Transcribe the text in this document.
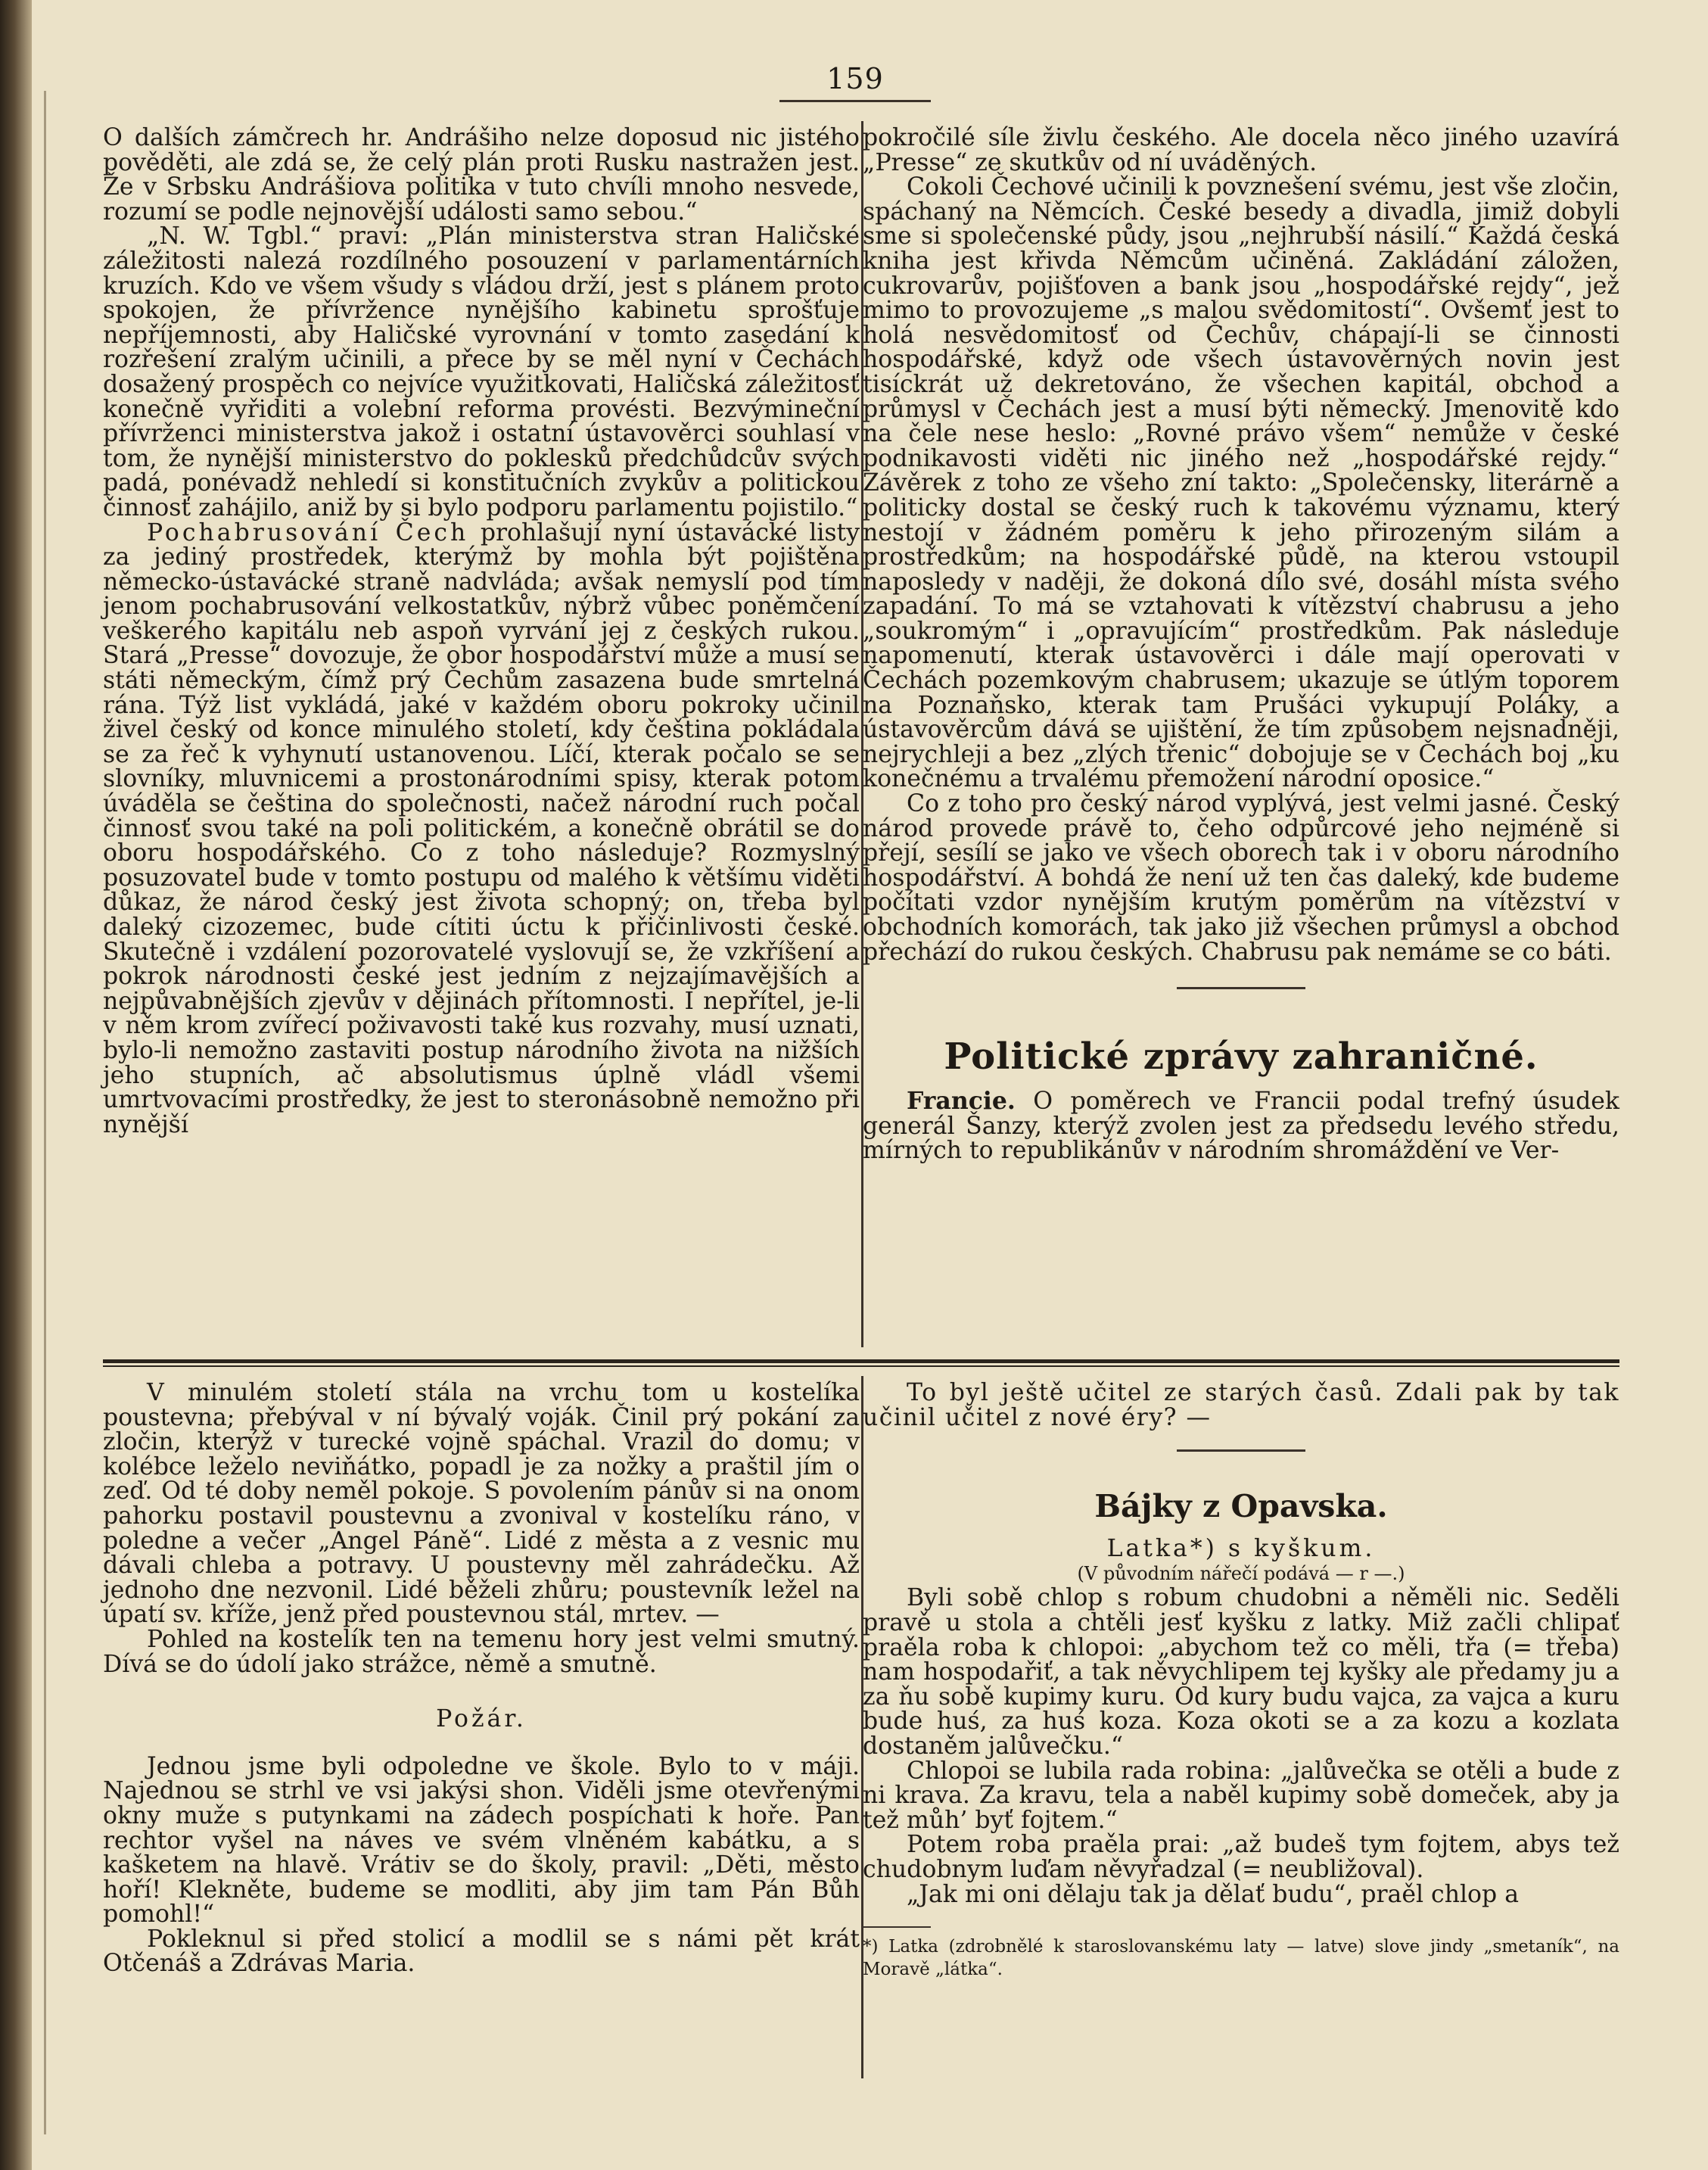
159

O dalších zámčrech hr. Andrášiho nelze doposud nic jistého pověděti, ale zdá se, že celý plán proti Rusku nastražen jest. Že v Srbsku Andrášiova politika v tuto chvíli mnoho nesvede, rozumí se podle nejnovější události samo sebou.“

„N. W. Tgbl.“ praví: „Plán ministerstva stran Haličské záležitosti nalezá rozdílného posouzení v parlamentárních kruzích. Kdo ve všem všudy s vládou drží, jest s plánem proto spokojen, že přívržence nynějšího kabinetu sprošťuje nepříjemnosti, aby Haličské vyrovnání v tomto zasedání k rozřešení zralým učinili, a přece by se měl nyní v Čechách dosažený prospěch co nejvíce využitkovati, Haličská záležitosť konečně vyřiditi a volební reforma provésti. Bezvýminеční přívrženci ministerstva jakož i ostatní ústavověrci souhlasí v tom, že nynější ministerstvo do poklesků předchůdcův svých padá, ponévadž nehledí si konstitučních zvykův a politickou činnosť zahájilo, aniž by si bylo podporu parlamentu pojistilo.“

Pochabrusování Čech prohlašují nyní ústavácké listy za jediný prostředek, kterýmž by mohla být pojištěna německo-ústavácké straně nadvláda; avšak nemyslí pod tím jenom pochabrusování velkostatkův, nýbrž vůbec poněmčení veškerého kapitálu neb aspoň vyrvání jej z českých rukou. Stará „Presse“ dovozuje, že obor hospodářství může a musí se státi německým, čímž prý Čechům zasazena bude smrtelná rána. Týž list vykládá, jaké v každém oboru pokroky učinil živel český od konce minulého století, kdy čeština pokládala se za řeč k vyhynutí ustanovenou. Líčí, kterak počalo se se slovníky, mluvnicemi a prostonárodními spisy, kterak potom úváděla se čeština do společnosti, načež národní ruch počal činnosť svou také na poli politickém, a konečně obrátil se do oboru hospodářského. Co z toho následuje? Rozmyslný posuzovatel bude v tomto postupu od malého k většímu viděti důkaz, že národ český jest života schopný; on, třeba byl daleký cizozemec, bude cítiti úctu k přičinlivosti české. Skutečně i vzdálení pozorovatelé vyslovují se, že vzkříšení a pokrok národnosti české jest jedním z nejzajímavějších a nejpůvabnějších zjevův v dějinách přítomnosti. I nepřítel, je-li v něm krom zvířecí poživavosti také kus rozvahy, musí uznati, bylo-li nemožno zastaviti postup národního života na nižších jeho stupních, ač absolutismus úplně vládl všemi umrtvovacími prostředky, že jest to steronásobně nemožno při nynější

pokročilé síle živlu českého. Ale docela něco jiného uzavírá „Presse“ ze skutkův od ní uváděných.

Cokoli Čechové učinili k povznešení svému, jest vše zločin, spáchaný na Němcích. České besedy a divadla, jimiž dobyli sme si společenské půdy, jsou „nejhrubší násilí.“ Každá česká kniha jest křivda Němcům učiněná. Zakládání záložen, cukrovarův, pojišťoven a bank jsou „hospodářské rejdy“, jež mimo to provozujeme „s malou svědomitostí“. Ovšemť jest to holá nesvědomitosť od Čechův, chápají-li se činnosti hospodářské, když ode všech ústavověrných novin jest tisíckrát už dekretováno, že všechen kapitál, obchod a průmysl v Čechách jest a musí býti německý. Jmenovitě kdo na čele nese heslo: „Rovné právo všem“ nemůže v české podnikavosti viděti nic jiného než „hospodářské rejdy.“ Závěrek z toho ze všeho zní takto: „Společensky, literárně a politicky dostal se český ruch k takovému významu, který nestojí v žádném poměru k jeho přirozeným silám a prostředkům; na hospodářské půdě, na kterou vstoupil naposledy v naději, že dokoná dílo své, dosáhl místa svého zapadání. To má se vztahovati k vítězství chabrusu a jeho „soukromým“ i „opravujícím“ prostředkům. Pak následuje napomenutí, kterak ústavověrci i dále mají operovati v Čechách pozemkovým chabrusem; ukazuje se útlým toporem na Poznaňsko, kterak tam Prušáci vykupují Poláky, a ústavověrcům dává se ujištění, že tím způsobem nejsnadněji, nejrychleji a bez „zlých třenic“ dobojuje se v Čechách boj „ku konečnému a trvalému přemožení národní oposice.“

Co z toho pro český národ vyplývá, jest velmi jasné. Český národ provede právě to, čeho odpůrcové jeho nejméně si přejí, sesílí se jako ve všech oborech tak i v oboru národního hospodářství. A bohdá že není už ten čas daleký, kde budeme počítati vzdor nynějším krutým poměrům na vítězství v obchodních komorách, tak jako již všechen průmysl a obchod přechází do rukou českých. Chabrusu pak nemáme se co báti.

Politické zprávy zahraničné.

Francie. O poměrech ve Francii podal trefný úsudek generál Šanzy, kterýž zvolen jest za předsedu levého středu, mírných to republikánův v národním shromáždění ve Ver-

V minulém století stála na vrchu tom u kostelíka poustevna; přebýval v ní bývalý voják. Činil prý pokání za zločin, kterýž v turecké vojně spáchal. Vrazil do domu; v kolébce leželo neviňátko, popadl je za nožky a praštil jím o zeď. Od té doby neměl pokoje. S povolením pánův si na onom pahorku postavil poustevnu a zvonival v kostelíku ráno, v poledne a večer „Angel Páně“. Lidé z města a z vesnic mu dávali chleba a potravy. U poustevny měl zahrádečku. Až jednoho dne nezvonil. Lidé běželi zhůru; poustevník ležel na úpatí sv. kříže, jenž před poustevnou stál, mrtev. —

Pohled na kostelík ten na temenu hory jest velmi smutný. Dívá se do údolí jako strážce, němě a smutně.

Požár.

Jednou jsme byli odpoledne ve škole. Bylo to v máji. Najednou se strhl ve vsi jakýsi shon. Viděli jsme otevřenými okny muže s putynkami na zádech pospíchati k hoře. Pan rechtor vyšel na náves ve svém vlněném kabátku, a s kašketem na hlavě. Vrátiv se do školy, pravil: „Děti, město hoří! Klekněte, budeme se modliti, aby jim tam Pán Bůh pomohl!“

Pokleknul si před stolicí a modlil se s námi pět krát Otčenáš a Zdrávas Maria.

To byl ještě učitel ze starých časů. Zdali pak by tak učinil učitel z nové éry? —

Bájky z Opavska.

Latka*) s kyškum.

(V původním nářečí podává — r —.)

Byli sobě chlop s robum chudobni a něměli nic. Seděli pravě u stola a chtěli jesť kyšku z latky. Miž začli chlipať praěla roba k chlopoi: „abychom tež co měli, třa (= třeba) nam hospodařiť, a tak něvychlipem tej kyšky ale předamy ju a za ňu sobě kupimy kuru. Od kury budu vajca, za vajca a kuru bude huś, za huś koza. Koza okoti se a za kozu a kozlata dostaněm jalůvečku.“

Chlopoi se lubila rada robina: „jalůvečka se otěli a bude z ni krava. Za kravu, tela a naběl kupimy sobě domeček, aby ja tež můh’ byť fojtem.“

Potem roba praěla prai: „až budeš tym fojtem, abys tež chudobnym luďam něvyřadzal (= neubližoval).

„Jak mi oni dělaju tak ja dělať budu“, praěl chlop a

*) Latka (zdrobnělé k staroslovanskému laty — latve) slove jindy „smetaník“, na Moravě „látka“.
